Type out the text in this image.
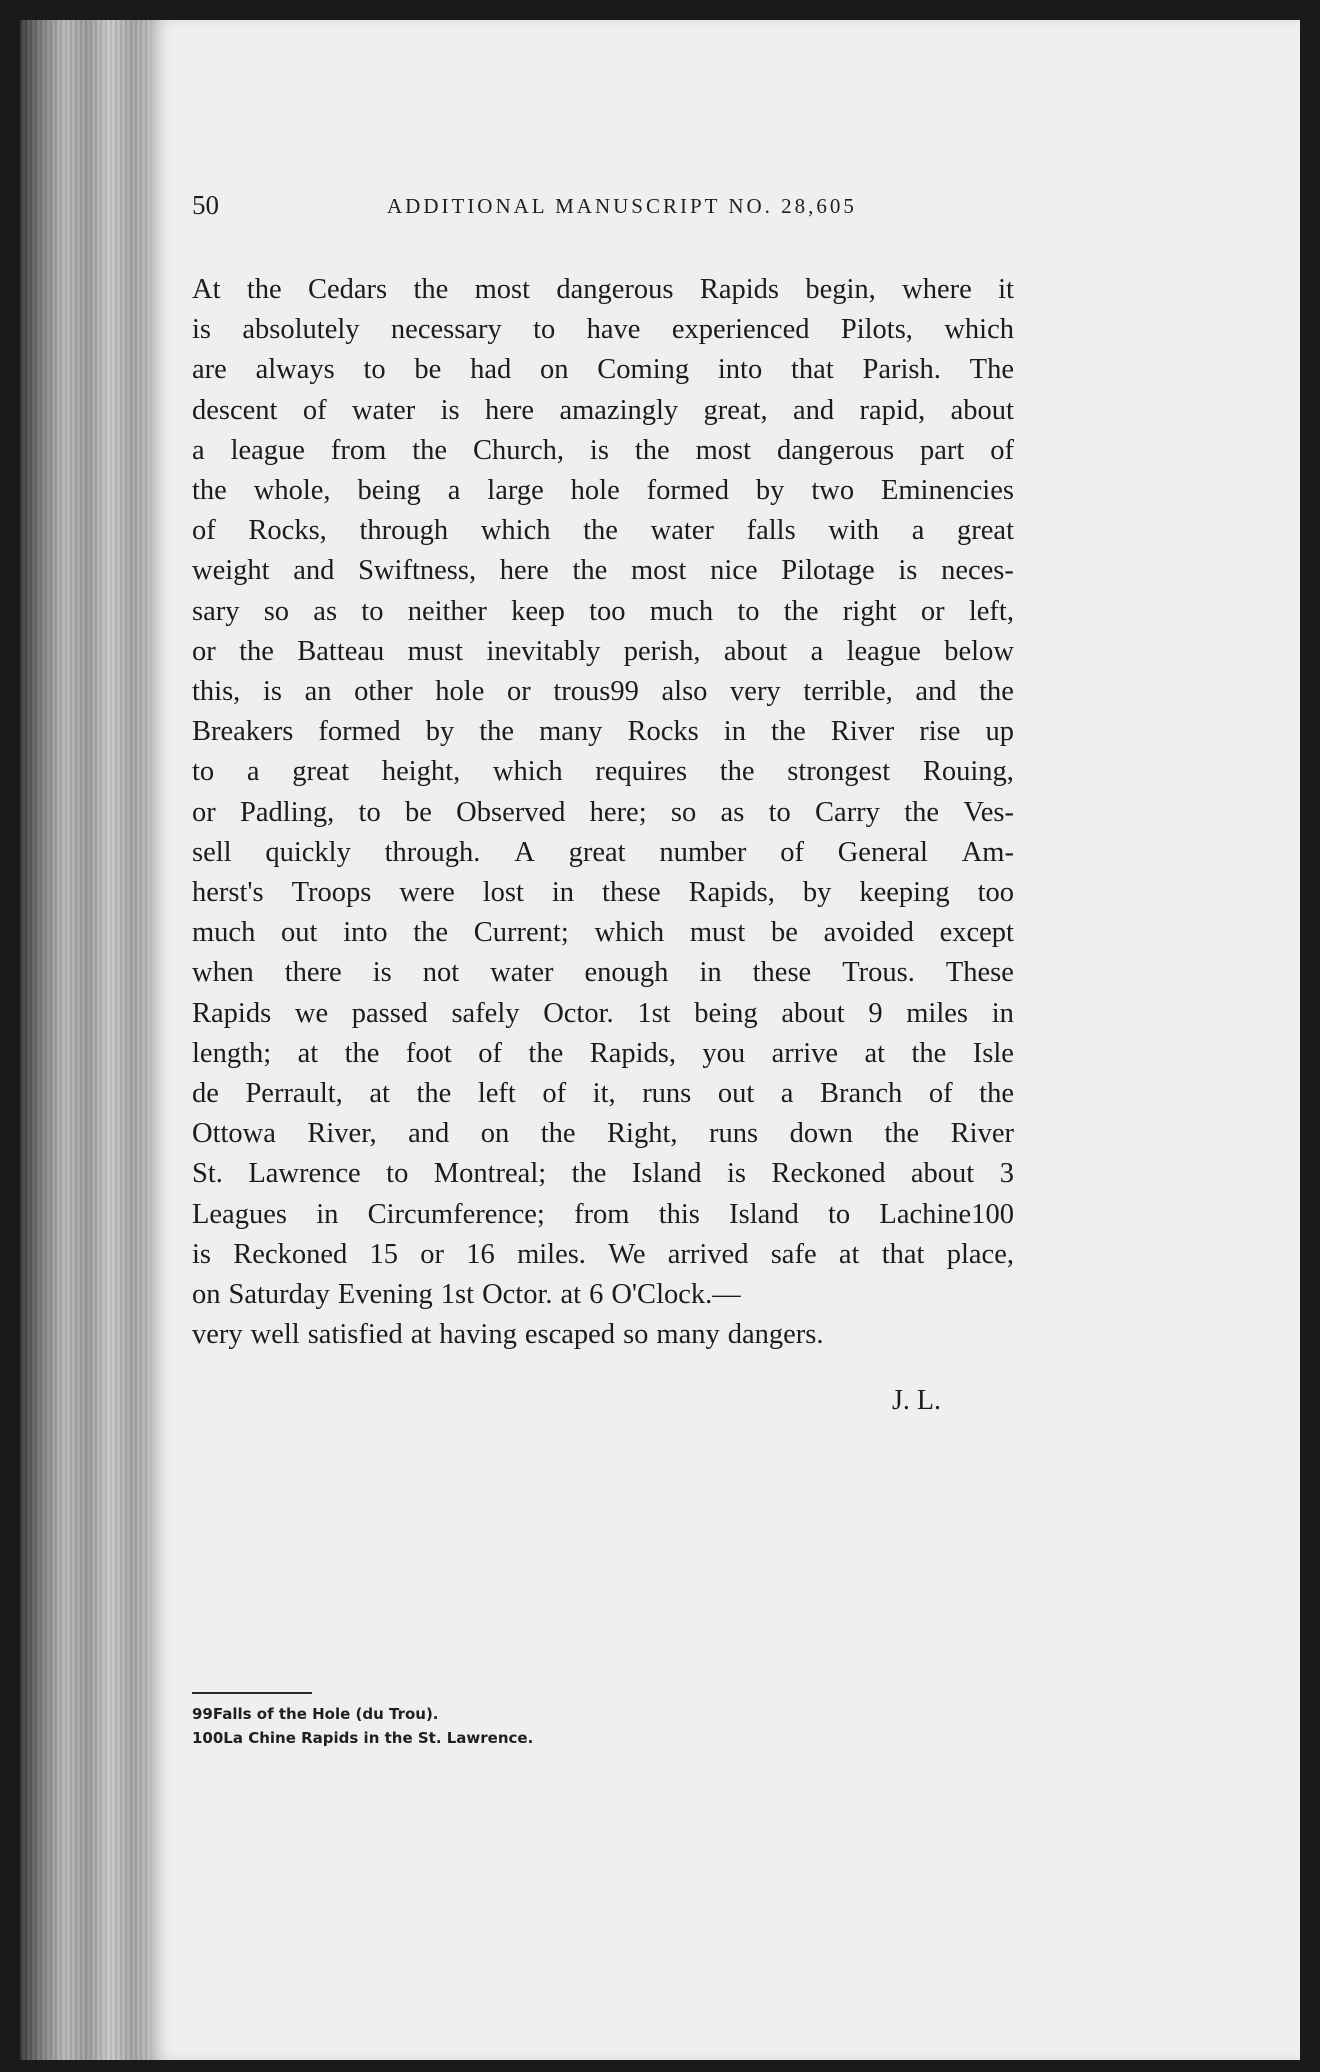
50	ADDITIONAL MANUSCRIPT NO. 28,605
At the Cedars the most dangerous Rapids begin, where it
is absolutely necessary to have experienced Pilots, which
are always to be had on Coming into that Parish. The
descent of water is here amazingly great, and rapid, about
a league from the Church, is the most dangerous part of
the whole, being a large hole formed by two Eminencies
of Rocks, through which the water falls with a great
weight and Swiftness, here the most nice Pilotage is neces-
sary so as to neither keep too much to the right or left,
or the Batteau must inevitably perish, about a league below
this, is an other hole or trous99 also very terrible, and the
Breakers formed by the many Rocks in the River rise up
to a great height, which requires the strongest Rouing,
or Padling, to be Observed here; so as to Carry the Ves-
sell quickly through. A great number of General Am-
herst's Troops were lost in these Rapids, by keeping too
much out into the Current; which must be avoided except
when there is not water enough in these Trous. These
Rapids we passed safely Octor. 1st being about 9 miles in
length; at the foot of the Rapids, you arrive at the Isle
de Perrault, at the left of it, runs out a Branch of the
Ottowa River, and on the Right, runs down the River
St. Lawrence to Montreal; the Island is Reckoned about 3
Leagues in Circumference; from this Island to Lachine100
is Reckoned 15 or 16 miles. We arrived safe at that place,
on Saturday Evening 1st Octor. at 6 O'Clock.—
very well satisfied at having escaped so many dangers.
J. L.
99Falls of the Hole (du Trou).
100La Chine Rapids in the St. Lawrence.
